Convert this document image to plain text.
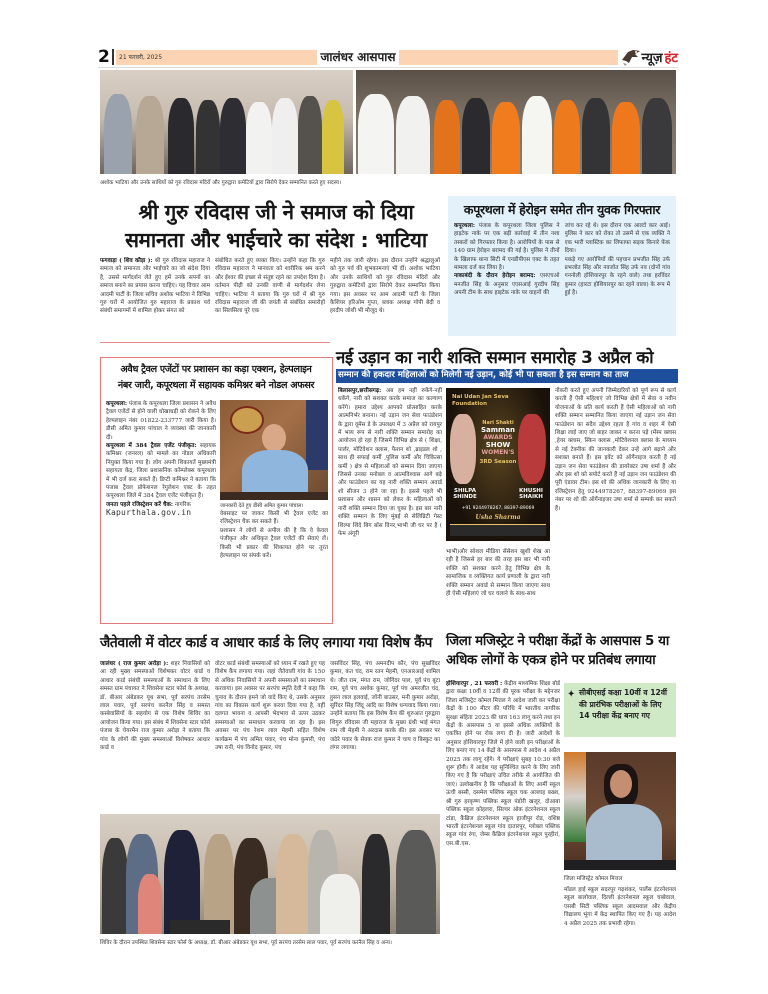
2	21 फरवरी, 2025	जालंधर आसपास	न्यूज़ हंट
अशोक भाटिया और उनके साथियों को गुरु रविदास मंदिरों और गुरुद्वारा कमेटियों द्वारा सिरोपे देकर सम्मानित करते हुए सदस्य।
श्री गुरु रविदास जी ने समाज को दिया
समानता और भाईचारे का संदेश : भाटिया
फगवाड़ा ( शिव कौड़ा ): श्री गुरु रविदास महाराज ने समाज को समानता और भाईचारे का जो संदेश दिया है, उससे मार्गदर्शन लेते हुए हमें उनके सपनों का समाज बनाने का प्रयास करना चाहिए। यह विचार आम आदमी पार्टी के जिला सचिव अशोक भाटिया ने विभिन्न गुरु घरों में आयोजित गुरु महाराज के प्रकाश पर्व संबंधी समागमों में शामिल होकर संगत को
संबोधित करते हुए व्यक्त किए। उन्होंने कहा कि गुरु रविदास महाराज ने मानवता को शारीरिक श्रम करने और ईश्वर की इच्छा से संतुष्ट रहने का उपदेश दिया है। वर्तमान पीढ़ी को उनकी वाणी से मार्गदर्शन लेना चाहिए। भाटिया ने बताया कि गुरु घरों में श्री गुरु रविदास महाराज जी की जयंती से संबंधित समारोहों का सिलसिला पूरे एक
महीने तक जारी रहेगा। इस दौरान उन्होंने श्रद्धालुओं को गुरु पर्व की शुभकामनाएं भी दीं। अशोक भाटिया और उनके साथियों को गुरु रविदास मंदिरों और गुरुद्वारा कमेटियों द्वारा सिरोपे देकर सम्मानित किया गया। इस अवसर पर आम आदमी पार्टी के जिला कैशियर हरिओम गुप्ता, ब्लाक अध्यक्ष गोपी बेदी व हरदीप जोशी भी मौजूद थे।
कपूरथला में हेरोइन समेत तीन युवक गिरफ्तार
कपूरथला: पंजाब के कपूरथला जिला पुलिस ने हाइटेक नाके पर एक बड़ी कार्रवाई में तीन नशा तस्करों को गिरफ्तार किया है। आरोपियों के पास से 140 ग्राम हेरोइन बरामद की गई है। पुलिस ने तीनों के खिलाफ थाना सिटी में एनडीपीएस एक्ट के तहत मामला दर्ज कर लिया है।
नाकाबंदी के दौरान हेरोइन बरामद: एसएचओ मनजीत सिंह के अनुसार एएसआई गुरदीप सिंह अपनी टीम के साथ हाइटेक नाके पर वाहनों की
जांच कर रहे थे। इस दौरान एक आल्टो कार आई। पुलिस ने कार को रोका तो उसमें से एक व्यक्ति ने एक भारी प्लास्टिक का लिफाफा सड़क किनारे फेंक दिया।
पकड़े गए आरोपियों की पहचान प्रभजीत सिंह उर्फ प्रभजोत सिंह और नवजोत सिंह उर्फ नव (दोनों गांव गननोली होशियारपुर के रहने वाले) तथा हरविंदर कुमार (हारटा होशियारपुर का रहने वाला) के रूप में हुई है।
अवैध ट्रैवल एजेंटों पर प्रशासन का कड़ा एक्शन, हेल्पलाइन
नंबर जारी, कपूरथला में सहायक कमिश्नर बने नोडल अफसर
कपूरथला: पंजाब के कपूरथला जिला प्रशासन ने अवैध ट्रैवल एजेंटों से होने वाली धोखाधड़ी को रोकने के लिए हेल्पलाइन नंबर 01822-233777 जारी किया है। डीसी अमित कुमार पांचाल ने व्यवस्था की जानकारी दी।
कपूरथला में 384 ट्रैवल एजेंट पंजीकृत: सहायक कमिश्नर (जनरल) को मामले का नोडल अधिकारी नियुक्त किया गया है। लोग अपनी शिकायतें मुख्यमंत्री सहायता केंद्र, जिला प्रशासनिक कॉम्प्लेक्स कपूरथला में भी दर्ज करा सकते हैं। डिप्टी कमिश्नर ने बताया कि पंजाब ट्रैवल प्रोफेशनल रेगुलेशन एक्ट के तहत कपूरथला जिले में 384 ट्रैवल एजेंट पंजीकृत हैं।
जनता पहले रजिस्ट्रेशन करें चैक: नागरिक
Kapurthala.gov.in
जानकारी देते हुए डीसी अमित कुमार पांचाल।
वेबसाइट पर जाकर किसी भी ट्रैवल एजेंट का रजिस्ट्रेशन चैक कर सकते हैं।
प्रशासन ने लोगों से अपील की है कि वे केवल पंजीकृत और अधिकृत ट्रैवल एजेंटों की सेवाएं लें। किसी भी प्रकार की शिकायत होने पर तुरंत हेल्पलाइन पर संपर्क करें।
नई उड़ान का नारी शक्ति सम्मान समारोह 3 अप्रैल को
सम्मान की हकदार महिलाओं को मिलेगी नई उड़ान, कोई भी पा सकता है इस सम्मान का ताज
बिलासपुर,छत्तीसगढ़: अब हम नहीं रुकेंगे-नहीं थकेंगे, नारी को सशक्त करके समाज का कल्याण करेंगे। हमारा उद्देश्य आपको प्रोत्साहित करके आत्मनिर्भर बनाना। नई उड़ान जन सेवा फाउंडेशन के द्वारा वूमेंस डे के उपलक्ष्य में 3 अप्रैल को रायपुर में भव्य रूप से नारी शक्ति सम्मान समारोह का आयोजन हो रहा है जिसमें विभिन्न क्षेत्र से ( शिक्षा, पार्लर, मोटिवेशन क्लास, फैशन शो ,ब्राइडल शो , साथ ही सफाई कर्मी ,पुलिस कर्मी और चिकित्सा कर्मी ) क्षेत्र से महिलाओं को सम्मान दिया जाएगा जिससे उनका मनोबल व आत्मविश्वास आगे बढ़े और फाउंडेशन का यह नारी शक्ति सम्मान अवार्ड शो सीजन 3 होने जा रहा है। इससे पहले भी प्रशासन और शासन को लेकर के महिलाओं को नारी शक्ति सम्मान दिया जा चुका है। इस बार नारी शक्ति सम्मान के लिए मुंबई से सेलिब्रिटी गेस्ट शिल्पा शिंदे बिग बॉस विनर,भाभी जी घर पर है ( फेम अंगूरी
Nai Udan Jan Seva Foundation
Nari Shakti
Samman
AWARDS
SHOW
WOMEN'S
3RD Season
SHILPA SHINDE
KHUSHI SHAIKH
+91 9244978267, 88397-89069
Usha Sharma
भाभी)और सोशल मीडिया सेंसेशन खुशी शेख आ रही है जिससे हर बार की तरह इस बार भी नारी शक्ति को सशक्त करने हेतु विभिन्न क्षेत्र के सामाजिक व व्यक्तिगत कार्य प्रणाली के द्वारा नारी शक्ति सम्मान अवार्ड से सम्मान किया जाएगा साथ ही ऐसी महिलाएं जो घर चलाने के साथ-साथ
नौकरी करते हुए अपनी जिम्मेदारियों को पूर्ण रूप से कार्य करती हैं ऐसी महिलाएं जो विभिन्न क्षेत्रों में सेवा व नवीन योजनाओं के प्रति कार्य करती हैं ऐसी महिलाओं को नारी शक्ति सम्मान सम्मानित किया जाएगा नई उड़ान जन सेवा फाउंडेशन का सदैव उद्देश्य रहता है गांव व शहर में ऐसी शिक्षा लाई जाए जो बाहर जाकर न करना पड़े (मेंस्प क्लास ,हेयर क्लास, स्किन क्लास ,मोटिवेशनल क्लास के माध्यम से नई टेक्नीक की जानकारी देकर उन्हें आगे बढ़ाने और सशक्त बनाते हैं। इस इवेंट को ऑर्गेनाइज करती हैं नई उड़ान जन सेवा फाउंडेशन की डायरेक्टर उषा शर्मा हैं और और इस शो को सपोर्ट करते हैं नई उड़ान जन फाउंडेशन की पूरी एंडावर टीम। इस शो की अधिक जानकारी के लिए या रजिस्ट्रेशन हेतु 9244978267, 88397-89069 इस नंबर पर शो की ऑर्गेनाइजर उषा शर्मा से सम्पर्क कर सकते हैं।
जैतेवाली में वोटर कार्ड व आधार कार्ड के लिए लगाया गया विशेष कैंप
जालंधर ( राज कुमार अरोड़ा ): शहर निवासियों को आ रही मुख्य समस्याओं विशेषकर वोटर कार्ड व आधार कार्ड संबंधी समस्याओं के समाधान के लिए समस्त ग्राम पंचायत ने शिवसेना स्टार फोर्स के अध्यक्ष, डॉ. बीआर अंबेडकर यूथ सभा, पूर्व सरपंच तरसेम लाल पवार, पूर्व सरपंच करनैल सिंह व समस्त कस्बेवासियों के सहयोग से एक विशेष शिविर का आयोजन किया गया। इस संबंध में शिवसेना स्टार फोर्स पंजाब के चेयरमैन राज कुमार अरोड़ा ने बताया कि गांव के लोगों की मुख्य समस्याओं विशेषकर आधार कार्ड व
वोटर कार्ड संबंधी समस्याओं को ध्यान में रखते हुए यह विशेष कैंप लगाया गया। जहां जैतेवाली गांव के 150 से अधिक निवासियों ने अपनी समस्याओं का समाधान करवाया। इस अवसर पर सरपंच स्मृति देवी ने कहा कि चुनाव के दौरान हमने जो वादे किए थे, उसके अनुसार गांव का विकास कार्य शुरू करवा दिया गया है, वहीं दलगत भावना व आपसी भेदभाव से ऊपर उठकर समस्याओं का समाधान करवाया जा रहा है। इस अवसर पर पंच रेशम लाल मेहमी सहित विशेष कार्यक्रम में पंच अमित पवार, पंच मोना कुमारी, पंच उषा रानी, पंच विनोद कुमार, पंच
जसविंदर सिंह, पंच अमनदीप कौर, पंच सुखविंदर कुमार, कंत चंद, राम रतन मेहमी, एनआरआई शामिल थे। जीत राम, मंगत राम, जोगिंदर पाल, पूर्व पंच बूटा राम, पूर्व पंच अशोक कुमार, पूर्व पंच अमरजीत चंद, हुसन लाल हलवाई, जॉनी बाउसर, मनी कुमार अरोड़ा, सुरिंदर सिंह जिंदू आदि का विशेष धन्यवाद किया गया। उन्होंने बताया कि इस विशेष कैंप की शुरुआत गुरुद्वारा शिगुरु रविदास जी महाराज के मुख्य ग्रंथी भाई मंगत राम जी मेहमी ने अरदास करके की। इस अवसर पर जठेरे पवार के सेवक राज कुमार ने चाय व बिस्कुट का लंगर लगाया।
शिविर के दौरान उपस्थित शिवसेना स्टार फोर्स के अध्यक्ष, डॉ. बीआर अंबेडकर यूथ सभा, पूर्व सरपंच तरसेम लाल पवार, पूर्व सरपंच करनैल सिंह व अन्य।
जिला मजिस्ट्रेट ने परीक्षा केंद्रों के आसपास 5 या
अधिक लोगों के एकत्र होने पर प्रतिबंध लगाया
होशियारपुर , 21 फरवरी : केंद्रीय माध्यमिक शिक्षा बोर्ड द्वारा कक्षा 10वीं व 12वीं की पूरक परीक्षा के मद्देनजर जिला मजिस्ट्रेट कोमल मित्तल ने आदेश जारी कर परीक्षा केंद्रों के 100 मीटर की परिधि में भारतीय नागरिक सुरक्षा संहिता 2023 की धारा 163 लागू करने तथा इन केंद्रों के आसपास 5 या इससे अधिक व्यक्तियों के एकत्रित होने पर रोक लगा दी है। जारी आदेशों के अनुसार होशियारपुर जिले में होने वाली इन परीक्षाओं के लिए बनाए गए 14 केंद्रों के आसपास ये आदेश 4 अप्रैल 2025 तक लागू रहेंगे। ये परीक्षाएं सुबह 10:30 बजे शुरू होंगी। ये आदेश यह सुनिश्चित करने के लिए जारी किए गए हैं कि परीक्षाएं उचित तरीके से आयोजित की जाएं। उल्लेखनीय है कि परीक्षाओं के लिए आर्मी स्कूल ऊंची बस्सी, दसमेश पब्लिक स्कूल चक अल्लाह बख्श, श्री गुरु हरकृष्ण पब्लिक स्कूल पंडोरी खजूर, दोआबा पब्लिक स्कूल कोहलरा, सिल्वर ओक इंटरनेशनल स्कूल टांडा, कैंब्रिज इंटरनेशनल स्कूल हाजीपुर रोड, वशिष्ठ भारती इंटरनेशनल स्कूल गांव दातारपुर, ग्लोबल पब्लिक स्कूल गांव रंगा, जेम्स कैंब्रिज इंटरनेशनल स्कूल पुरहीरां, एस.बी.एस.
✦ सीबीएसई कक्षा 10वीं व 12वीं की प्रारंभिक परीक्षाओं के लिए 14 परीक्षा केंद्र बनाए गए
जिला मजिस्ट्रेट कोमल मित्तल
मॉडल हाई स्कूल सदरपुर गढ़शंकर, पार्लेस इंटरनेशनल स्कूल बालोवाल, दिल्ली इंटरनेशनल स्कूल चब्बेवाल, एसबी सिटी पब्लिक स्कूल आदमवाल और केंद्रीय विद्यालय भूंगा में केंद्र स्थापित किए गए हैं। यह आदेश 4 अप्रैल 2025 तक प्रभावी रहेगा।
